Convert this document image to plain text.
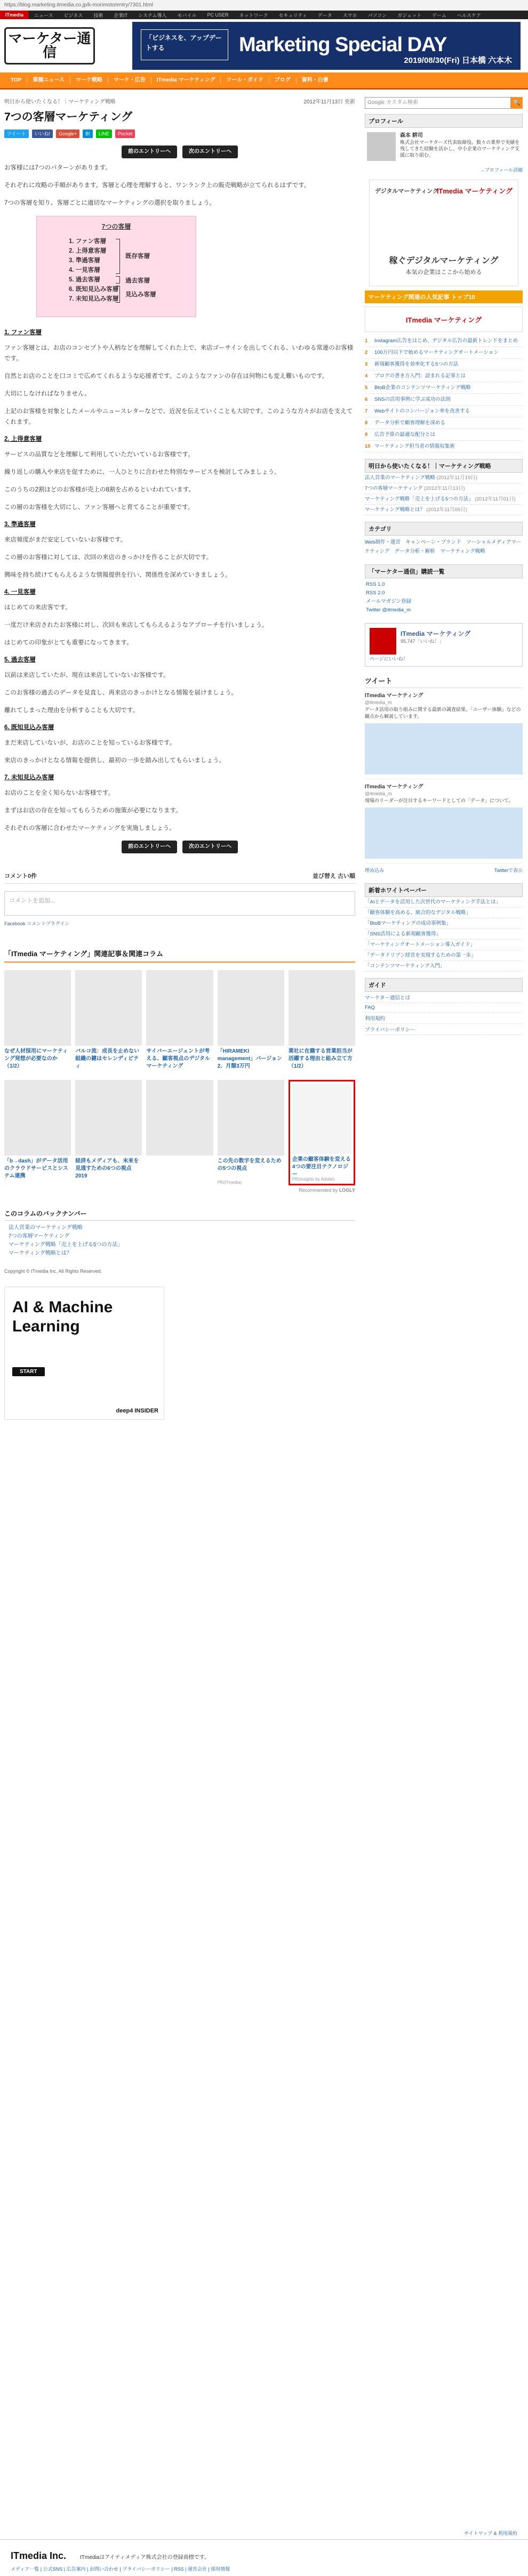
https://blog.marketing.itmedia.co.jp/k-morimoto/entry/7301.html
ITmedia	ニュース	ビジネス	技術	企業IT	システム導入	モバイル	PC USER	ネットワーク	セキュリティ	データ	スマホ	パソコン	ガジェット	ゲーム	ヘルスケア
マーケター通信
「ビジネスを、アップデートする	Marketing Special DAY
2019/08/30(Fri) 日本橋 六本木
TOP	業種ニュース	マーケ戦略	マーケ・広告	ITmedia マーケティング	ツール・ガイド	ブログ	資料・白書
明日から使いたくなる！｜マーケティング戦略	2012年11月13日 更新
7つの客層マーケティング
ツイート	いいね!	Google+	B!	LINE	Pocket
前のエントリーへ	次のエントリーへ

お客様には7つのパターンがあります。

それぞれに攻略の手順があります。客層と心理を理解すると、ワンランク上の販売戦略が立てられるはずです。

7つの客層を知り、客層ごとに適切なマーケティングの選択を取りましょう。

7つの客層
1. ファン客層
2. 上得意客層
3. 準過客層
4. 一見客層
5. 過去客層
6. 既知見込み客層
7. 未知見込み客層
既存客層
過去客層
見込み客層
1. ファン客層

ファン客層とは、お店のコンセプトや人柄などを理解してくれた上で、来店ゴーサインを出してくれる、いわゆる常連のお客様です。

自然とお店のことを口コミで広めてくれるような応援者です。このようなファンの存在は何物にも変え難いものです。

大切にしなければなりません。

上記のお客様を対象としたメールやニュースレターなどで、近況を伝えていくことも大切です。このような方々がお店を支えてくれます。

2. 上得意客層

サービスの品質などを理解して利用していただいているお客様です。

繰り返しの購入や来店を促すために、一人ひとりに合わせた特別なサービスを検討してみましょう。

このうちの2割ほどのお客様が売上の8割を占めるといわれています。

この層のお客様を大切にし、ファン客層へと育てることが重要です。

3. 準過客層

来店頻度がまだ安定していないお客様です。

この層のお客様に対しては、次回の来店のきっかけを作ることが大切です。

興味を持ち続けてもらえるような情報提供を行い、関係性を深めていきましょう。

4. 一見客層

はじめての来店客です。

一度だけ来店されたお客様に対し、次回も来店してもらえるようなアプローチを行いましょう。

はじめての印象がとても重要になってきます。

5. 過去客層

以前は来店していたが、現在は来店していないお客様です。

このお客様の過去のデータを見直し、再来店のきっかけとなる情報を届けましょう。

離れてしまった理由を分析することも大切です。

6. 既知見込み客層

まだ来店していないが、お店のことを知っているお客様です。

来店のきっかけとなる情報を提供し、最初の一歩を踏み出してもらいましょう。

7. 未知見込み客層

お店のことを全く知らないお客様です。

まずはお店の存在を知ってもらうための施策が必要になります。

それぞれの客層に合わせたマーケティングを実施しましょう。

前のエントリーへ	次のエントリーへ
コメント0件	並び替え 古い順
コメントを追加...
Facebook コメントプラグイン
「ITmedia マーケティング」関連記事＆関連コラム
なぜ人材採用にマーケティング発想が必要なのか（1/2）
バルコ流：成長を止めない組織の鍵はセレンディピティ
サイバーエージェントが考える、顧客視点のデジタルマーケティング
「HIRAMEKI management」バージョン2、月額3万円
業社に在籍する営業担当が活躍する理由と組み立て方（1/2）
「b→dash」がデータ活用のクラウドサービスとシステム連携
経済もメディアも、未来を見通すための6つの視点 2019
この先の数字を変えるための5つの視点
PR(ITmedia)
企業の顧客体験を変える4つの要注目テクノロジー
PR(Insights by Adobe)
Recommended by LOGLY
このコラムのバックナンバー
法人営業のマーケティング戦略
7つの客層マーケティング
マーケティング戦略「売上を上げる5つの方法」
マーケティング戦略とは？
Copyright © ITmedia Inc. All Rights Reserved.
AI & Machine Learning
START
deep4 INSIDER
Google カスタム検索	🔍
プロフィール
森本 耕司
株式会社マーケターズ代表取締役。数々の業界で実績を残してきた経験を活かし、中小企業のマーケティング支援に取り組む。
→プロフィール詳細
デジタルマーケティング
ITmedia マーケティング
稼ぐデジタルマーケティング
本気の企業はここから始める
マーケティング関連の人気記事 トップ10
ITmedia マーケティング
1	Instagram広告をはじめ、デジタル広告の最新トレンドをまとめ
2	100万円以下で始めるマーケティングオートメーション
3	新規顧客獲得を効率化する5つの方法
4	ブログの書き方入門：読まれる記事とは
5	BtoB企業のコンテンツマーケティング戦略
6	SNSの活用事例に学ぶ成功の法則
7	Webサイトのコンバージョン率を改善する
8	データ分析で顧客理解を深める
9	広告予算の最適な配分とは
10 マーケティング担当者の情報収集術
明日から使いたくなる！｜マーケティング戦略
法人営業のマーケティング戦略 (2012年11月19日)
7つの客層マーケティング (2012年11月13日)
マーケティング戦略「売上を上げる5つの方法」 (2012年11月01日)
マーケティング戦略とは？ (2012年11月05日)
カテゴリ
Web制作・運営　キャンペーン・ブランド　ソーシャルメディアマーケティング　データ分析・解析　マーケティング戦略
「マーケター通信」購読一覧
RSS 1.0
RSS 2.0
メールマガジン登録
Twitter @itmedia_m
ITmedia マーケティング
95,747「いいね！」
ページにいいね！
ツイート
ITmedia マーケティング
@itmedia_m
データ活用の取り組みに関する最新の調査結果。「ユーザー体験」などの観点から解説しています。
ITmedia マーケティング
@itmedia_m
現場のリーダーが注目するキーワードとしての「データ」について。
埋め込み	Twitterで表示
新着ホワイトペーパー
「AIとデータを活用した次世代のマーケティング手法とは」
「顧客体験を高める、統合的なデジタル戦略」
「BtoBマーケティングの成功事例集」
「SNS活用による新規顧客獲得」
「マーケティングオートメーション導入ガイド」
「データドリブン経営を実現するための第一歩」
「コンテンツマーケティング入門」
ガイド
マーケター通信とは
FAQ
利用規約
プライバシーポリシー
サイトマップ & 利用規約
ITmedia Inc.	ITmediaはアイティメディア株式会社の登録商標です。
メディア一覧 | 公式SNS | 広告案内 | お問い合わせ | プライバシーポリシー | RSS | 運営会社 | 採用情報
